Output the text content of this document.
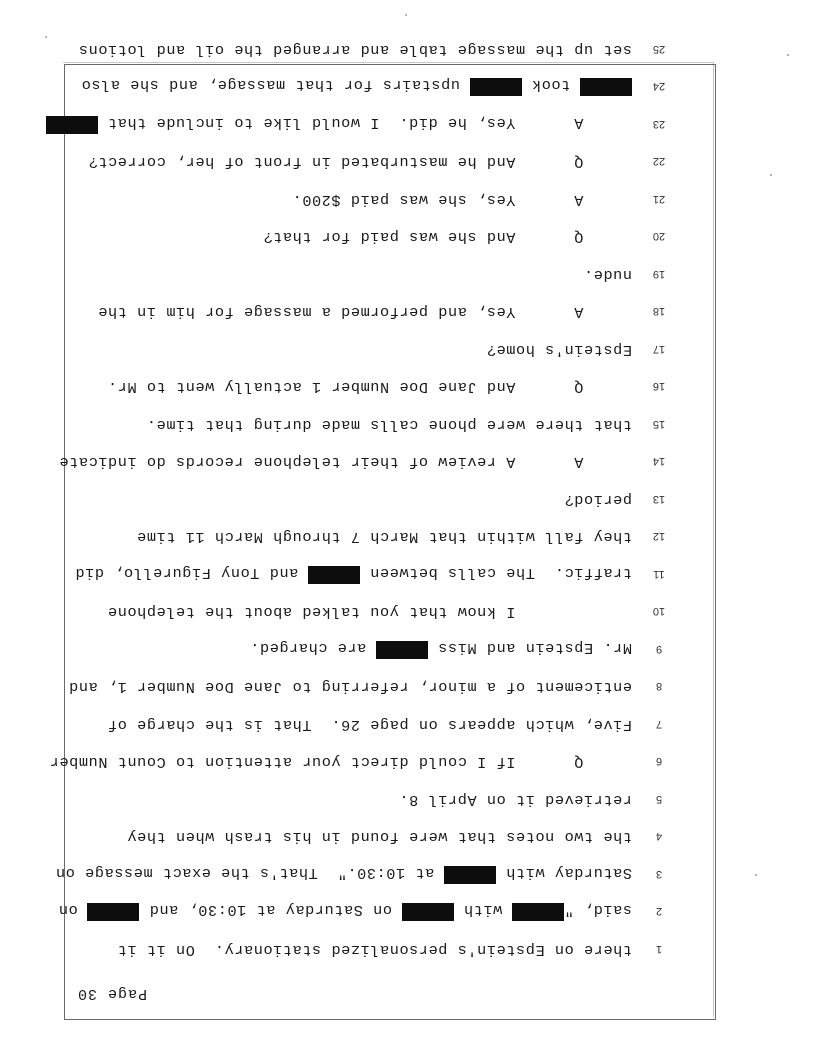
Page 30
1
there on Epstein's personalized stationary.  On it it
2
said, " with  on Saturday at 10:30, and  on
3
Saturday with  at 10:30."  That's the exact message on
4
the two notes that were found in his trash when they
5
retrieved it on April 8.
6
Q      If I could direct your attention to Count Number
7
Five, which appears on page 26.  That is the charge of
8
enticement of a minor, referring to Jane Doe Number 1, and
9
Mr. Epstein and Miss  are charged.
10
I know that you talked about the telephone
11
traffic.  The calls between  and Tony Figurello, did
12
they fall within that March 7 through March 11 time
13
period?
14
A      A review of their telephone records do indicate
15
that there were phone calls made during that time.
16
Q      And Jane Doe Number 1 actually went to Mr.
17
Epstein's home?
18
A      Yes, and performed a massage for him in the
19
nude.
20
Q      And she was paid for that?
21
A      Yes, she was paid $200.
22
Q      And he masturbated in front of her, correct?
23
A      Yes, he did.  I would like to include that
24
took  upstairs for that massage, and she also
25
set up the massage table and arranged the oil and lotions
